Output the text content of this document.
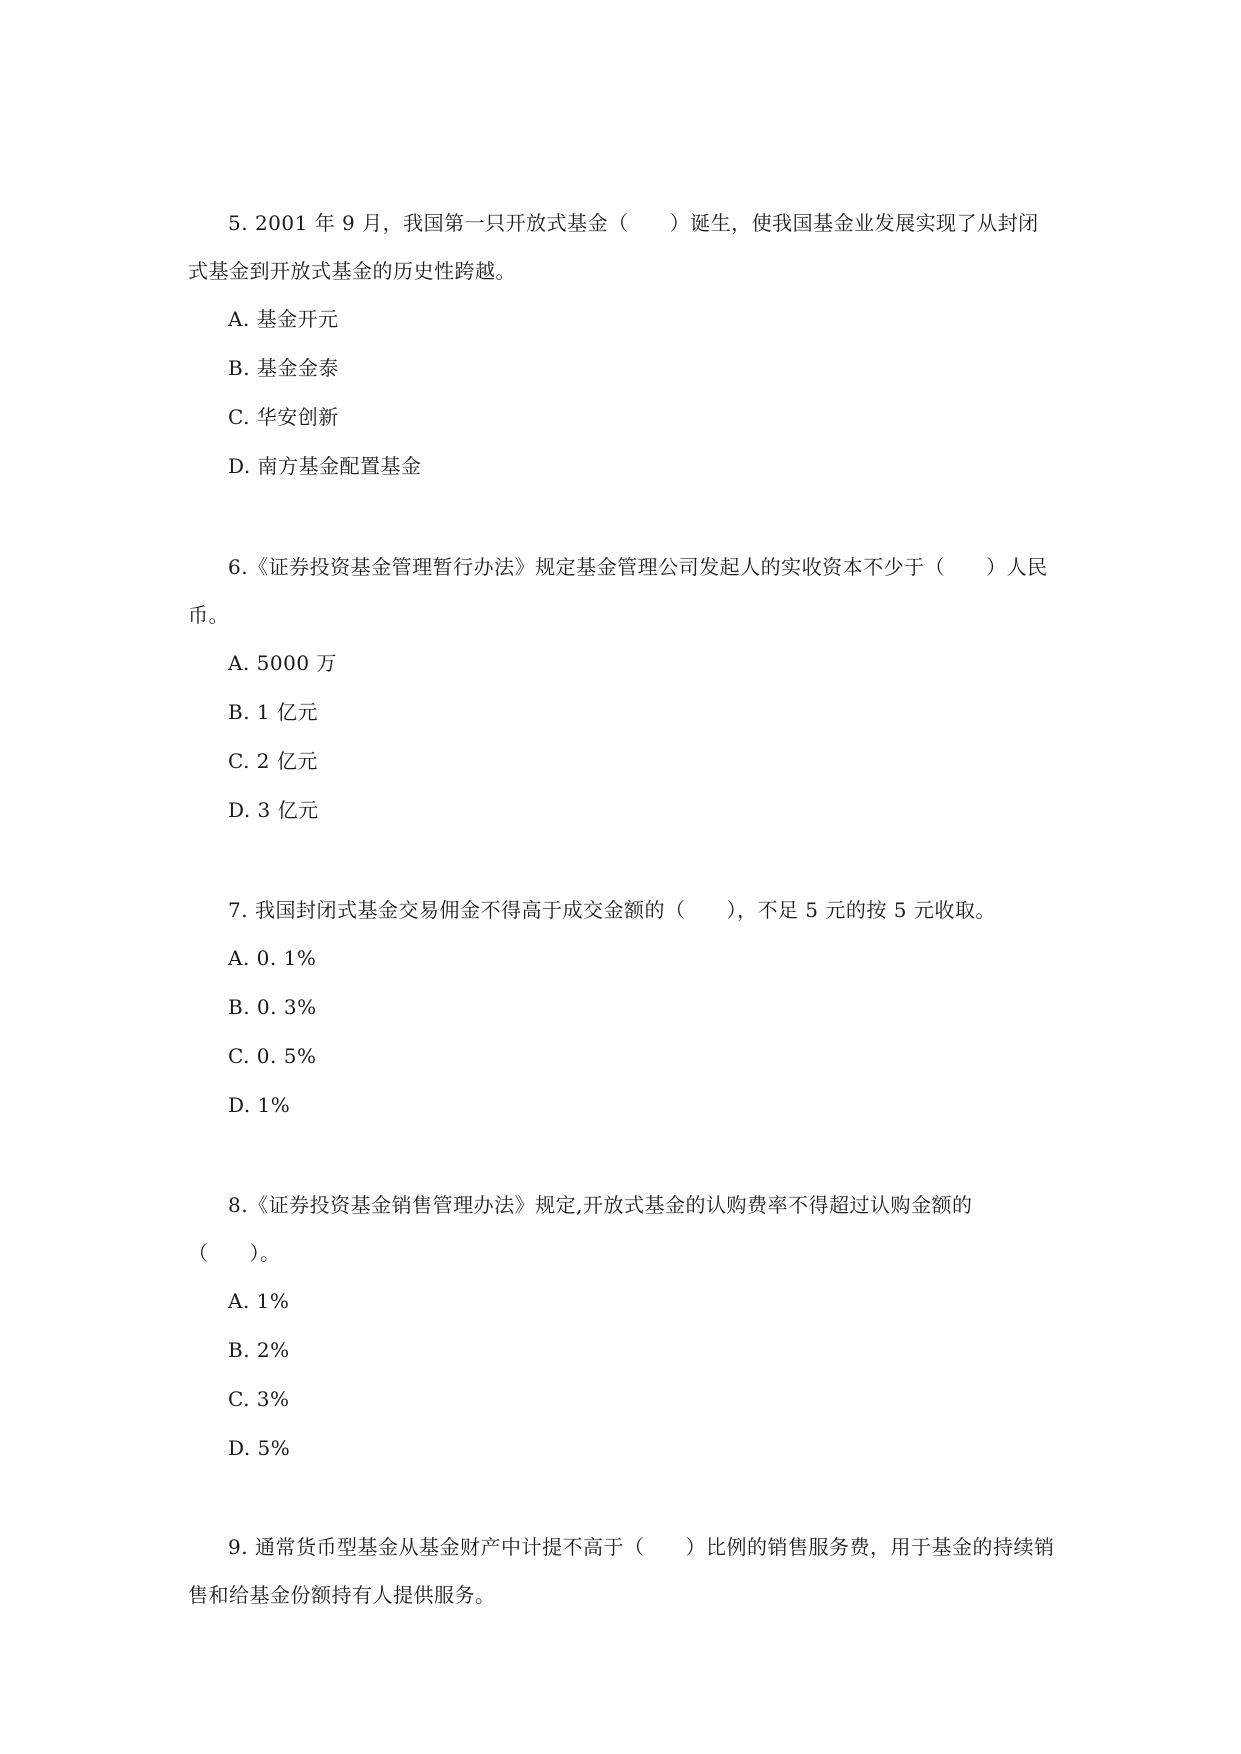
5. 2001 年 9 月，我国第一只开放式基金（　　）诞生，使我国基金业发展实现了从封闭式基金到开放式基金的历史性跨越。

A. 基金开元

B. 基金金泰

C. 华安创新

D. 南方基金配置基金

6.《证券投资基金管理暂行办法》规定基金管理公司发起人的实收资本不少于（　　）人民币。

A. 5000 万

B. 1 亿元

C. 2 亿元

D. 3 亿元

7. 我国封闭式基金交易佣金不得高于成交金额的（　　），不足 5 元的按 5 元收取。

A. 0. 1%

B. 0. 3%

C. 0. 5%

D. 1%

8.《证券投资基金销售管理办法》规定,开放式基金的认购费率不得超过认购金额的（　　）。

A. 1%

B. 2%

C. 3%

D. 5%

9. 通常货币型基金从基金财产中计提不高于（　　）比例的销售服务费，用于基金的持续销售和给基金份额持有人提供服务。
